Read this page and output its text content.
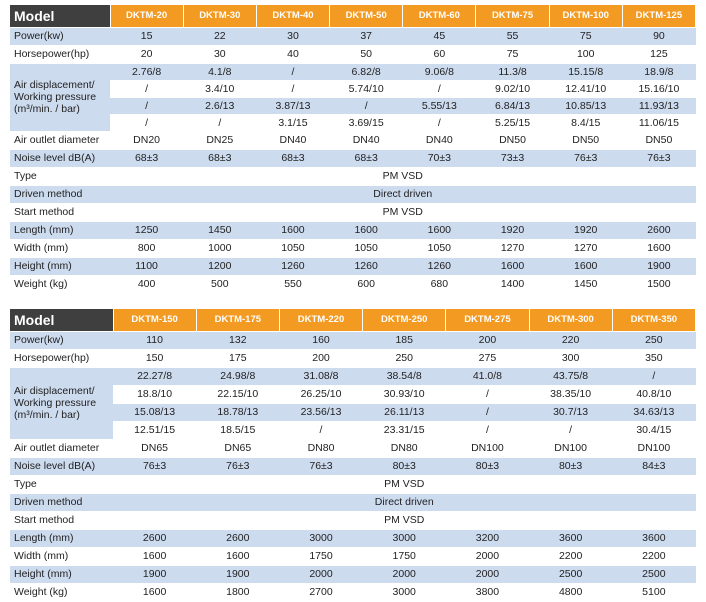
Model	DKTM-20	DKTM-30	DKTM-40	DKTM-50	DKTM-60	DKTM-75	DKTM-100	DKTM-125
Power(kw)	15	22	30	37	45	55	75	90
Horsepower(hp)	20	30	40	50	60	75	100	125
Air displacement/ Working pressure (m³/min. / bar)	2.76/8	4.1/8	/	6.82/8	9.06/8	11.3/8	15.15/8	18.9/8
	/	3.4/10	/	5.74/10	/	9.02/10	12.41/10	15.16/10
	/	2.6/13	3.87/13	/	5.55/13	6.84/13	10.85/13	11.93/13
	/	/	3.1/15	3.69/15	/	5.25/15	8.4/15	11.06/15
Air outlet diameter	DN20	DN25	DN40	DN40	DN40	DN50	DN50	DN50
Noise level dB(A)	68±3	68±3	68±3	68±3	70±3	73±3	76±3	76±3
Type	PM VSD							
Driven method	Direct driven							
Start method	PM VSD							
Length (mm)	1250	1450	1600	1600	1600	1920	1920	2600
Width (mm)	800	1000	1050	1050	1050	1270	1270	1600
Height (mm)	1100	1200	1260	1260	1260	1600	1600	1900
Weight (kg)	400	500	550	600	680	1400	1450	1500
Model	DKTM-150	DKTM-175	DKTM-220	DKTM-250	DKTM-275	DKTM-300	DKTM-350
Power(kw)	110	132	160	185	200	220	250
Horsepower(hp)	150	175	200	250	275	300	350
Air displacement/ Working pressure (m³/min. / bar)	22.27/8	24.98/8	31.08/8	38.54/8	41.0/8	43.75/8	/
	18.8/10	22.15/10	26.25/10	30.93/10	/	38.35/10	40.8/10
	15.08/13	18.78/13	23.56/13	26.11/13	/	30.7/13	34.63/13
	12.51/15	18.5/15	/	23.31/15	/	/	30.4/15
Air outlet diameter	DN65	DN65	DN80	DN80	DN100	DN100	DN100
Noise level dB(A)	76±3	76±3	76±3	80±3	80±3	80±3	84±3
Type	PM VSD						
Driven method	Direct driven						
Start method	PM VSD						
Length (mm)	2600	2600	3000	3000	3200	3600	3600
Width (mm)	1600	1600	1750	1750	2000	2200	2200
Height (mm)	1900	1900	2000	2000	2000	2500	2500
Weight (kg)	1600	1800	2700	3000	3800	4800	5100
